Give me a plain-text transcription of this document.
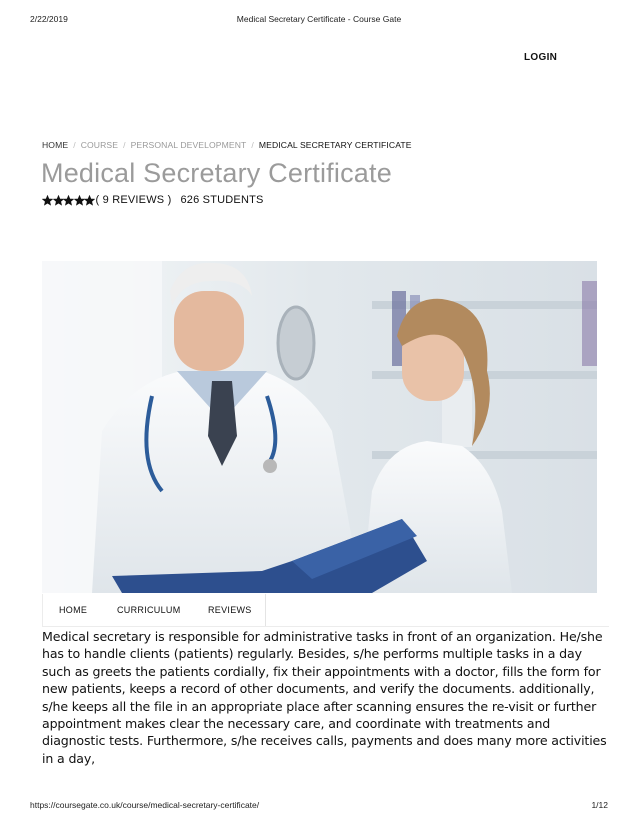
2/22/2019	Medical Secretary Certificate - Course Gate
LOGIN
HOME / COURSE / PERSONAL DEVELOPMENT / MEDICAL SECRETARY CERTIFICATE
Medical Secretary Certificate
( 9 REVIEWS ) 626 STUDENTS
HOME	CURRICULUM	REVIEWS

Medical secretary is responsible for administrative tasks in front of an organization. He/she has to handle clients (patients) regularly. Besides, s/he performs multiple tasks in a day such as greets the patients cordially, fix their appointments with a doctor, fills the form for new patients, keeps a record of other documents, and verify the documents. additionally, s/he keeps all the file in an appropriate place after scanning ensures the re-visit or further appointment makes clear the necessary care, and coordinate with treatments and diagnostic tests. Furthermore, s/he receives calls, payments and does many more activities in a day,

https://coursegate.co.uk/course/medical-secretary-certificate/	1/12
